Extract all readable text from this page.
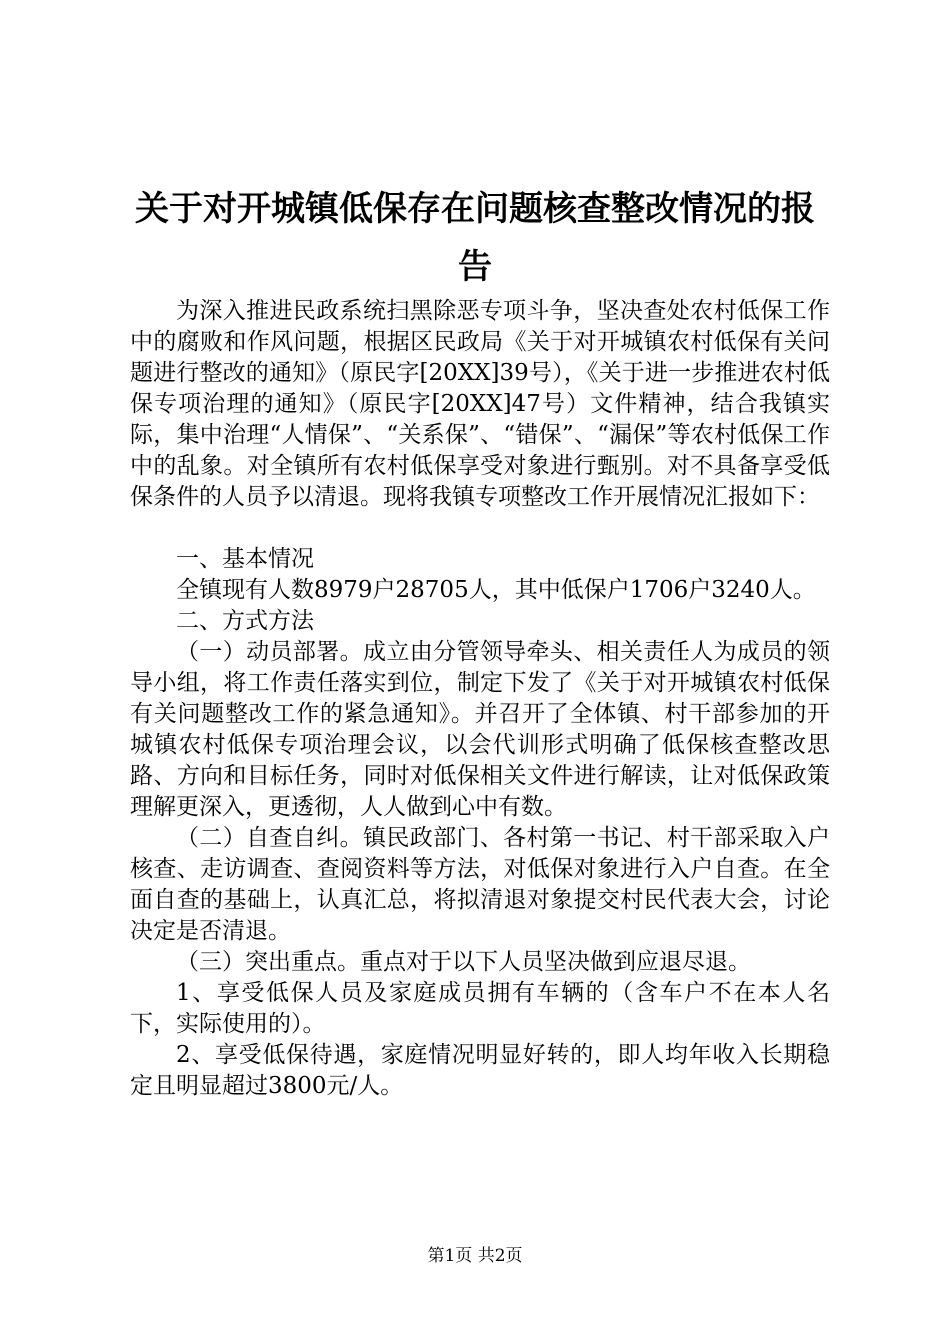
关于对开城镇低保存在问题核查整改情况的报
告

为深入推进民政系统扫黑除恶专项斗争，坚决查处农村低保工作中的腐败和作风问题，根据区民政局《关于对开城镇农村低保有关问题进行整改的通知》（原民字[20XX]39号），《关于进一步推进农村低保专项治理的通知》（原民字[20XX]47号）文件精神，结合我镇实际，集中治理“人情保”、“关系保”、“错保”、“漏保”等农村低保工作中的乱象。对全镇所有农村低保享受对象进行甄别。对不具备享受低保条件的人员予以清退。现将我镇专项整改工作开展情况汇报如下：

一、基本情况

全镇现有人数8979户28705人，其中低保户1706户3240人。

二、方式方法

（一）动员部署。成立由分管领导牵头、相关责任人为成员的领导小组，将工作责任落实到位，制定下发了《关于对开城镇农村低保有关问题整改工作的紧急通知》。并召开了全体镇、村干部参加的开城镇农村低保专项治理会议，以会代训形式明确了低保核查整改思路、方向和目标任务，同时对低保相关文件进行解读，让对低保政策理解更深入，更透彻，人人做到心中有数。

（二）自查自纠。镇民政部门、各村第一书记、村干部采取入户核查、走访调查、查阅资料等方法，对低保对象进行入户自查。在全面自查的基础上，认真汇总，将拟清退对象提交村民代表大会，讨论决定是否清退。

（三）突出重点。重点对于以下人员坚决做到应退尽退。

1、享受低保人员及家庭成员拥有车辆的（含车户不在本人名下，实际使用的）。

2、享受低保待遇，家庭情况明显好转的，即人均年收入长期稳定且明显超过3800元/人。

第1页 共2页
